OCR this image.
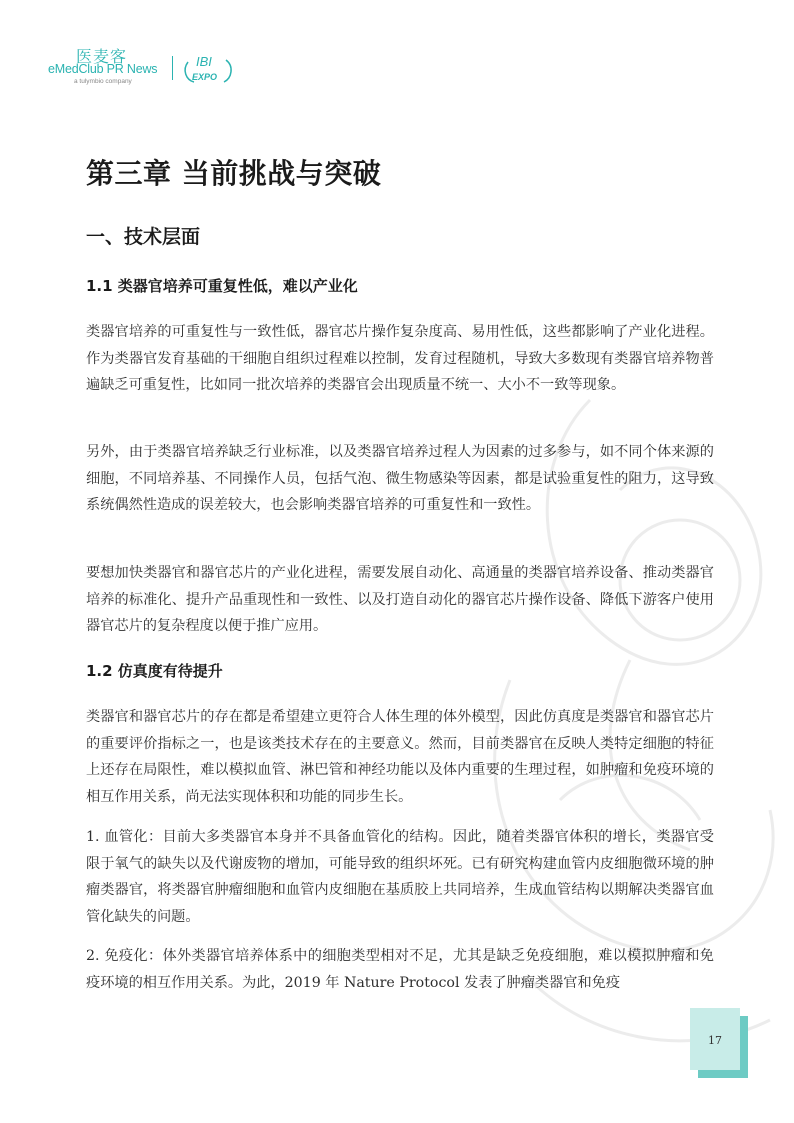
医麦客
eMedClub PR News
a tulymbio company
IBI
EXPO
第三章 当前挑战与突破
一、技术层面
1.1 类器官培养可重复性低，难以产业化

类器官培养的可重复性与一致性低，器官芯片操作复杂度高、易用性低，这些都影响了产业化进程。作为类器官发育基础的干细胞自组织过程难以控制，发育过程随机，导致大多数现有类器官培养物普遍缺乏可重复性，比如同一批次培养的类器官会出现质量不统一、大小不一致等现象。

另外，由于类器官培养缺乏行业标准，以及类器官培养过程人为因素的过多参与，如不同个体来源的细胞，不同培养基、不同操作人员，包括气泡、微生物感染等因素，都是试验重复性的阻力，这导致系统偶然性造成的误差较大，也会影响类器官培养的可重复性和一致性。

要想加快类器官和器官芯片的产业化进程，需要发展自动化、高通量的类器官培养设备、推动类器官培养的标准化、提升产品重现性和一致性、以及打造自动化的器官芯片操作设备、降低下游客户使用器官芯片的复杂程度以便于推广应用。

1.2 仿真度有待提升

类器官和器官芯片的存在都是希望建立更符合人体生理的体外模型，因此仿真度是类器官和器官芯片的重要评价指标之一，也是该类技术存在的主要意义。然而，目前类器官在反映人类特定细胞的特征上还存在局限性，难以模拟血管、淋巴管和神经功能以及体内重要的生理过程，如肿瘤和免疫环境的相互作用关系，尚无法实现体积和功能的同步生长。

1. 血管化：目前大多类器官本身并不具备血管化的结构。因此，随着类器官体积的增长，类器官受限于氧气的缺失以及代谢废物的增加，可能导致的组织坏死。已有研究构建血管内皮细胞微环境的肿瘤类器官，将类器官肿瘤细胞和血管内皮细胞在基质胶上共同培养，生成血管结构以期解决类器官血管化缺失的问题。

2. 免疫化：体外类器官培养体系中的细胞类型相对不足，尤其是缺乏免疫细胞，难以模拟肿瘤和免疫环境的相互作用关系。为此，2019 年 Nature Protocol 发表了肿瘤类器官和免疫

17
